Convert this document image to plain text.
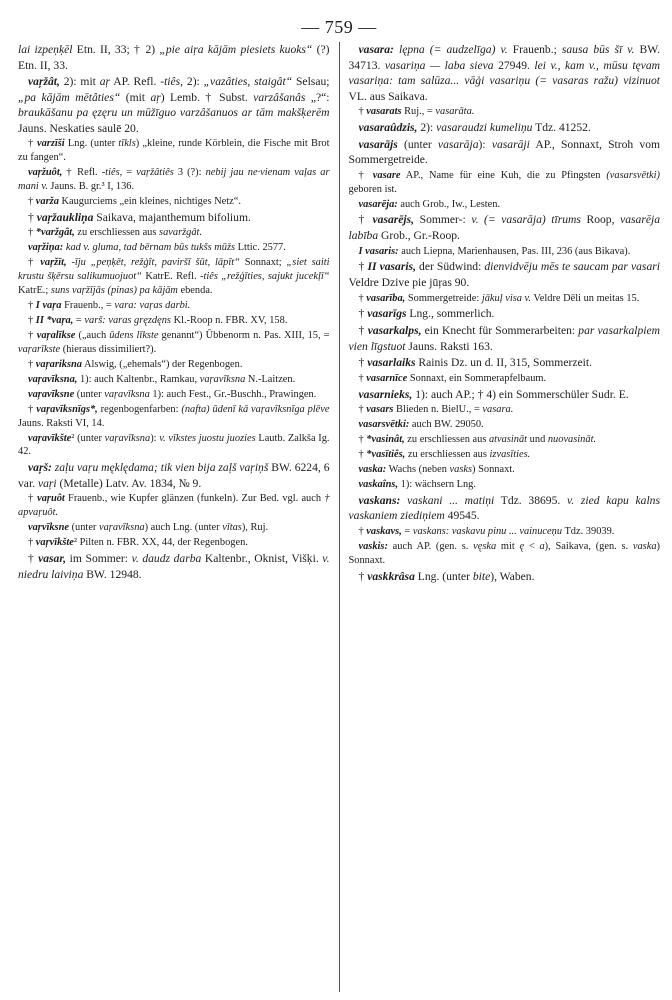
— 759 —

lai izpeņķēl Etn. II, 33; † 2) „pie aiŗa kājām piesiets kuoks“ (?) Etn. II, 33.

vaŗžât, 2): mit aŗ AP. Refl. -tiês, 2): „vazâties, staigât“ Selsau; „pa kājām mētâties“ (mit aŗ) Lemb. † Subst. varzâšanâs „?“: braukāšanu pa ęzęru un mūžīguo varzâšanuos ar tām makšķerēm Jauns. Neskaties saulē 20.

† varzīši Lng. (unter tīkls) „kleine, runde Körblein, die Fische mit Brot zu fangen“.

vaŗžuôt, † Refl. -tiês, = vaŗžâtiês 3 (?): nebij jau ne·vienam vaļas ar mani v. Jauns. B. gr.³ I, 136.

† varža Kaugurciems „ein kleines, nichtiges Netz“.

† vaŗžaukliņa Saikava, majanthemum bifolium.

† *varžgât, zu erschliessen aus savaržgât.

vaŗžiņa: kad v. gluma, tad bērnam būs tukšs mūžs Lttic. 2577.

† vaŗžīt, -īju „peņķēt, režģīt, paviršī šūt, lāpīt“ Sonnaxt; „siet saiti krustu šķērsu salikumuojuot“ KatrE. Refl. -tiês „režģīties, sajukt jucekļī“ KatrE.; suns vaŗžījās (pinas) pa kājām ebenda.

† I vaŗa Frauenb., = vara: vaŗas darbi.

† II *vaŗa, = varš: varas gręzdęns Kl.-Roop n. FBR. XV, 158.

† vaŗalīkse („auch ūdens līkste genannt“) Ūbbenorm n. Pas. XIII, 15, = vaŗarīkste (hieraus dissimiliert?).

† vaŗariksna Alswig, („ehemals“) der Regenbogen.

vaŗavīksna, 1): auch Kaltenbr., Ramkau, vaŗavīksna N.-Laitzen.

vaŗavīksne (unter vaŗavīksna 1): auch Fest., Gr.-Buschh., Prawingen.

† vaŗavīksnīgs*, regenbogenfarben: (nafta) ūdenī kā vaŗavīksnīga plēve Jauns. Raksti VI, 14.

vaŗavīkšte² (unter vaŗavīksna): v. vīkstes juostu juozies Lautb. Zalkša Ig. 42.

vaŗš: zaļu vaŗu męklędama; tik vien bija zaļš vaŗiņš BW. 6224, 6 var. vaŗi (Metalle) Latv. Av. 1834, № 9.

† vaŗuôt Frauenb., wie Kupfer glänzen (funkeln). Zur Bed. vgl. auch † apvaŗuôt.

vaŗvīksne (unter vaŗavīksna) auch Lng. (unter vītas), Ruj.

† vaŗvīkšte² Pilten n. FBR. XX, 44, der Regenbogen.

† vasar, im Sommer: v. daudz darba Kaltenbr., Oknist, Višķi. v. niedru laiviņa BW. 12948.

vasara: lępna (= audzelīga) v. Frauenb.; sausa būs šī v. BW. 34713. vasariņa — laba sieva 27949. lei v., kam v., mūsu tęvam vasariņa: tam salūza... vāģi vasariņu (= vasaras ražu) vizinuot VL. aus Saikava.

† vasarats Ruj., = vasarāta.

vasaraûdzis, 2): vasaraudzi kumeliņu Tdz. 41252.

vasarājs (unter vasarāja): vasarāji AP., Sonnaxt, Stroh vom Sommergetreide.

† vasare AP., Name für eine Kuh, die zu Pfingsten (vasarsvētki) geboren ist.

vasarēja: auch Grob., Iw., Lesten.

† vasarējs, Sommer-: v. (= vasarāja) tīrums Roop, vasarēja labība Grob., Gr.-Roop.

I vasaris: auch Liepna, Marienhausen, Pas. III, 236 (aus Bikava).

† II vasaris, der Südwind: dienvidvēju mēs te saucam par vasari Veldre Dzive pie jūŗas 90.

† vasarība, Sommergetreide: jākuļ visa v. Veldre Dēli un meitas 15.

† vasarīgs Lng., sommerlich.

† vasarkalps, ein Knecht für Sommerarbeiten: par vasarkalpiem vien līgstuot Jauns. Raksti 163.

† vasarlaiks Rainis Dz. un d. II, 315, Sommerzeit.

† vasarnīce Sonnaxt, ein Sommerapfelbaum.

vasarnieks, 1): auch AP.; † 4) ein Sommerschüler Sudr. E.

† vasars Blieden n. BielU., = vasara.

vasarsvētki: auch BW. 29050.

† *vasinât, zu erschliessen aus atvasināt und nuovasināt.

† *vasītiês, zu erschliessen aus izvasīties.

vaska: Wachs (neben vasks) Sonnaxt.

vaskaîns, 1): wächsern Lng.

vaskans: vaskani ... matiņi Tdz. 38695. v. zied kapu kalns vaskaniem ziediņiem 49545.

† vaskavs, = vaskans: vaskavu pinu ... vainuceņu Tdz. 39039.

vaskis: auch AP. (gen. s. vęska mit ę < a), Saikava, (gen. s. vaska) Sonnaxt.

† vaskkrâsa Lng. (unter bite), Waben.
